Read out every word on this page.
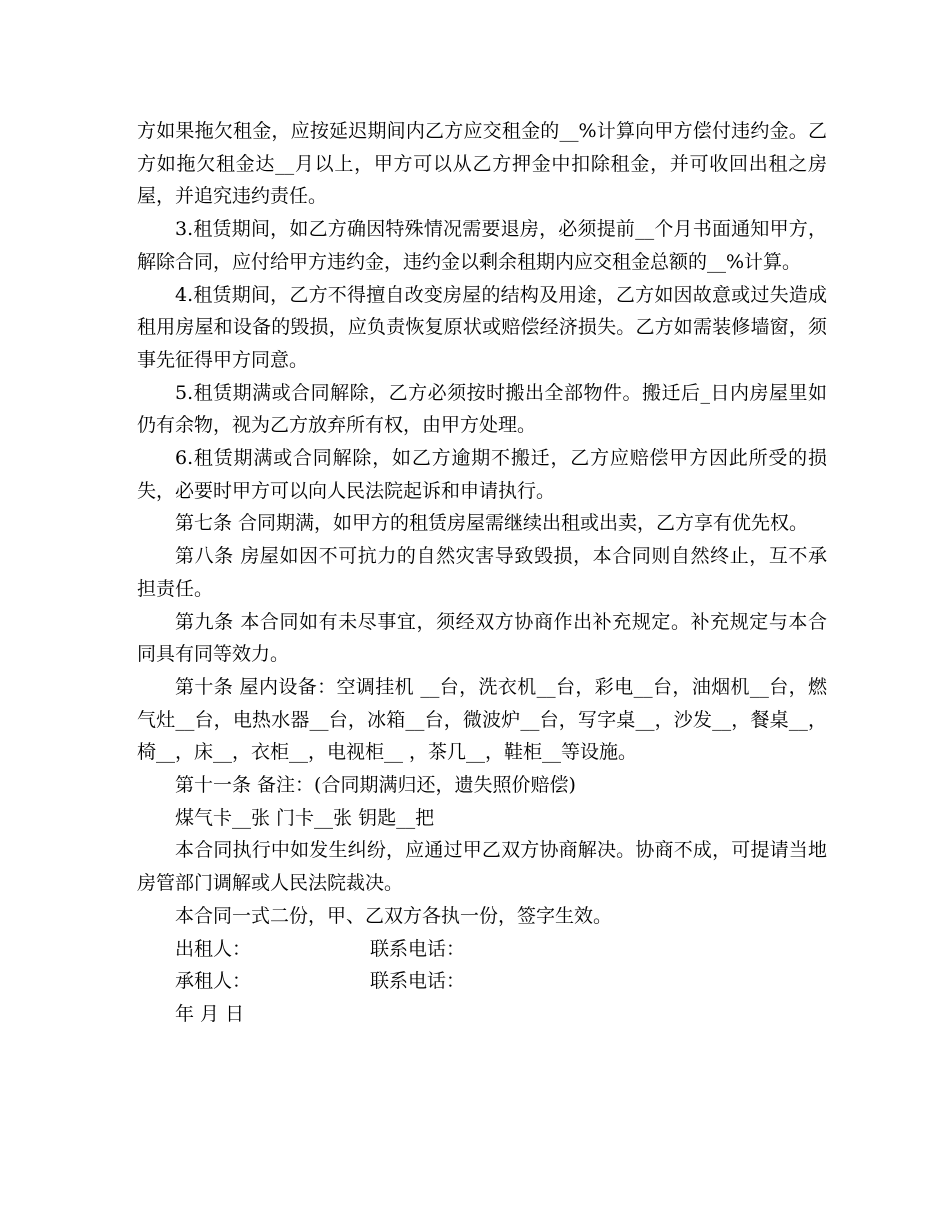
方如果拖欠租金，应按延迟期间内乙方应交租金的__%计算向甲方偿付违约金。乙方如拖欠租金达__月以上，甲方可以从乙方押金中扣除租金，并可收回出租之房屋，并追究违约责任。

3.租赁期间，如乙方确因特殊情况需要退房，必须提前__个月书面通知甲方，解除合同，应付给甲方违约金，违约金以剩余租期内应交租金总额的__%计算。

4.租赁期间，乙方不得擅自改变房屋的结构及用途，乙方如因故意或过失造成租用房屋和设备的毁损，应负责恢复原状或赔偿经济损失。乙方如需装修墙窗，须事先征得甲方同意。

5.租赁期满或合同解除，乙方必须按时搬出全部物件。搬迁后_日内房屋里如仍有余物，视为乙方放弃所有权，由甲方处理。

6.租赁期满或合同解除，如乙方逾期不搬迁，乙方应赔偿甲方因此所受的损失，必要时甲方可以向人民法院起诉和申请执行。

第七条 合同期满，如甲方的租赁房屋需继续出租或出卖，乙方享有优先权。

第八条 房屋如因不可抗力的自然灾害导致毁损，本合同则自然终止，互不承担责任。

第九条 本合同如有未尽事宜，须经双方协商作出补充规定。补充规定与本合同具有同等效力。

第十条 屋内设备：空调挂机 __台，洗衣机__台，彩电__台，油烟机__台，燃气灶__台，电热水器__台，冰箱__台，微波炉__台，写字桌__，沙发__，餐桌__，椅__，床__，衣柜__，电视柜__ ，茶几__，鞋柜__等设施。

第十一条 备注：(合同期满归还，遗失照价赔偿)

煤气卡__张 门卡__张 钥匙__把

本合同执行中如发生纠纷，应通过甲乙双方协商解决。协商不成，可提请当地房管部门调解或人民法院裁决。

本合同一式二份，甲、乙双方各执一份，签字生效。

出租人：	联系电话：
承租人：	联系电话：
年 月 日
